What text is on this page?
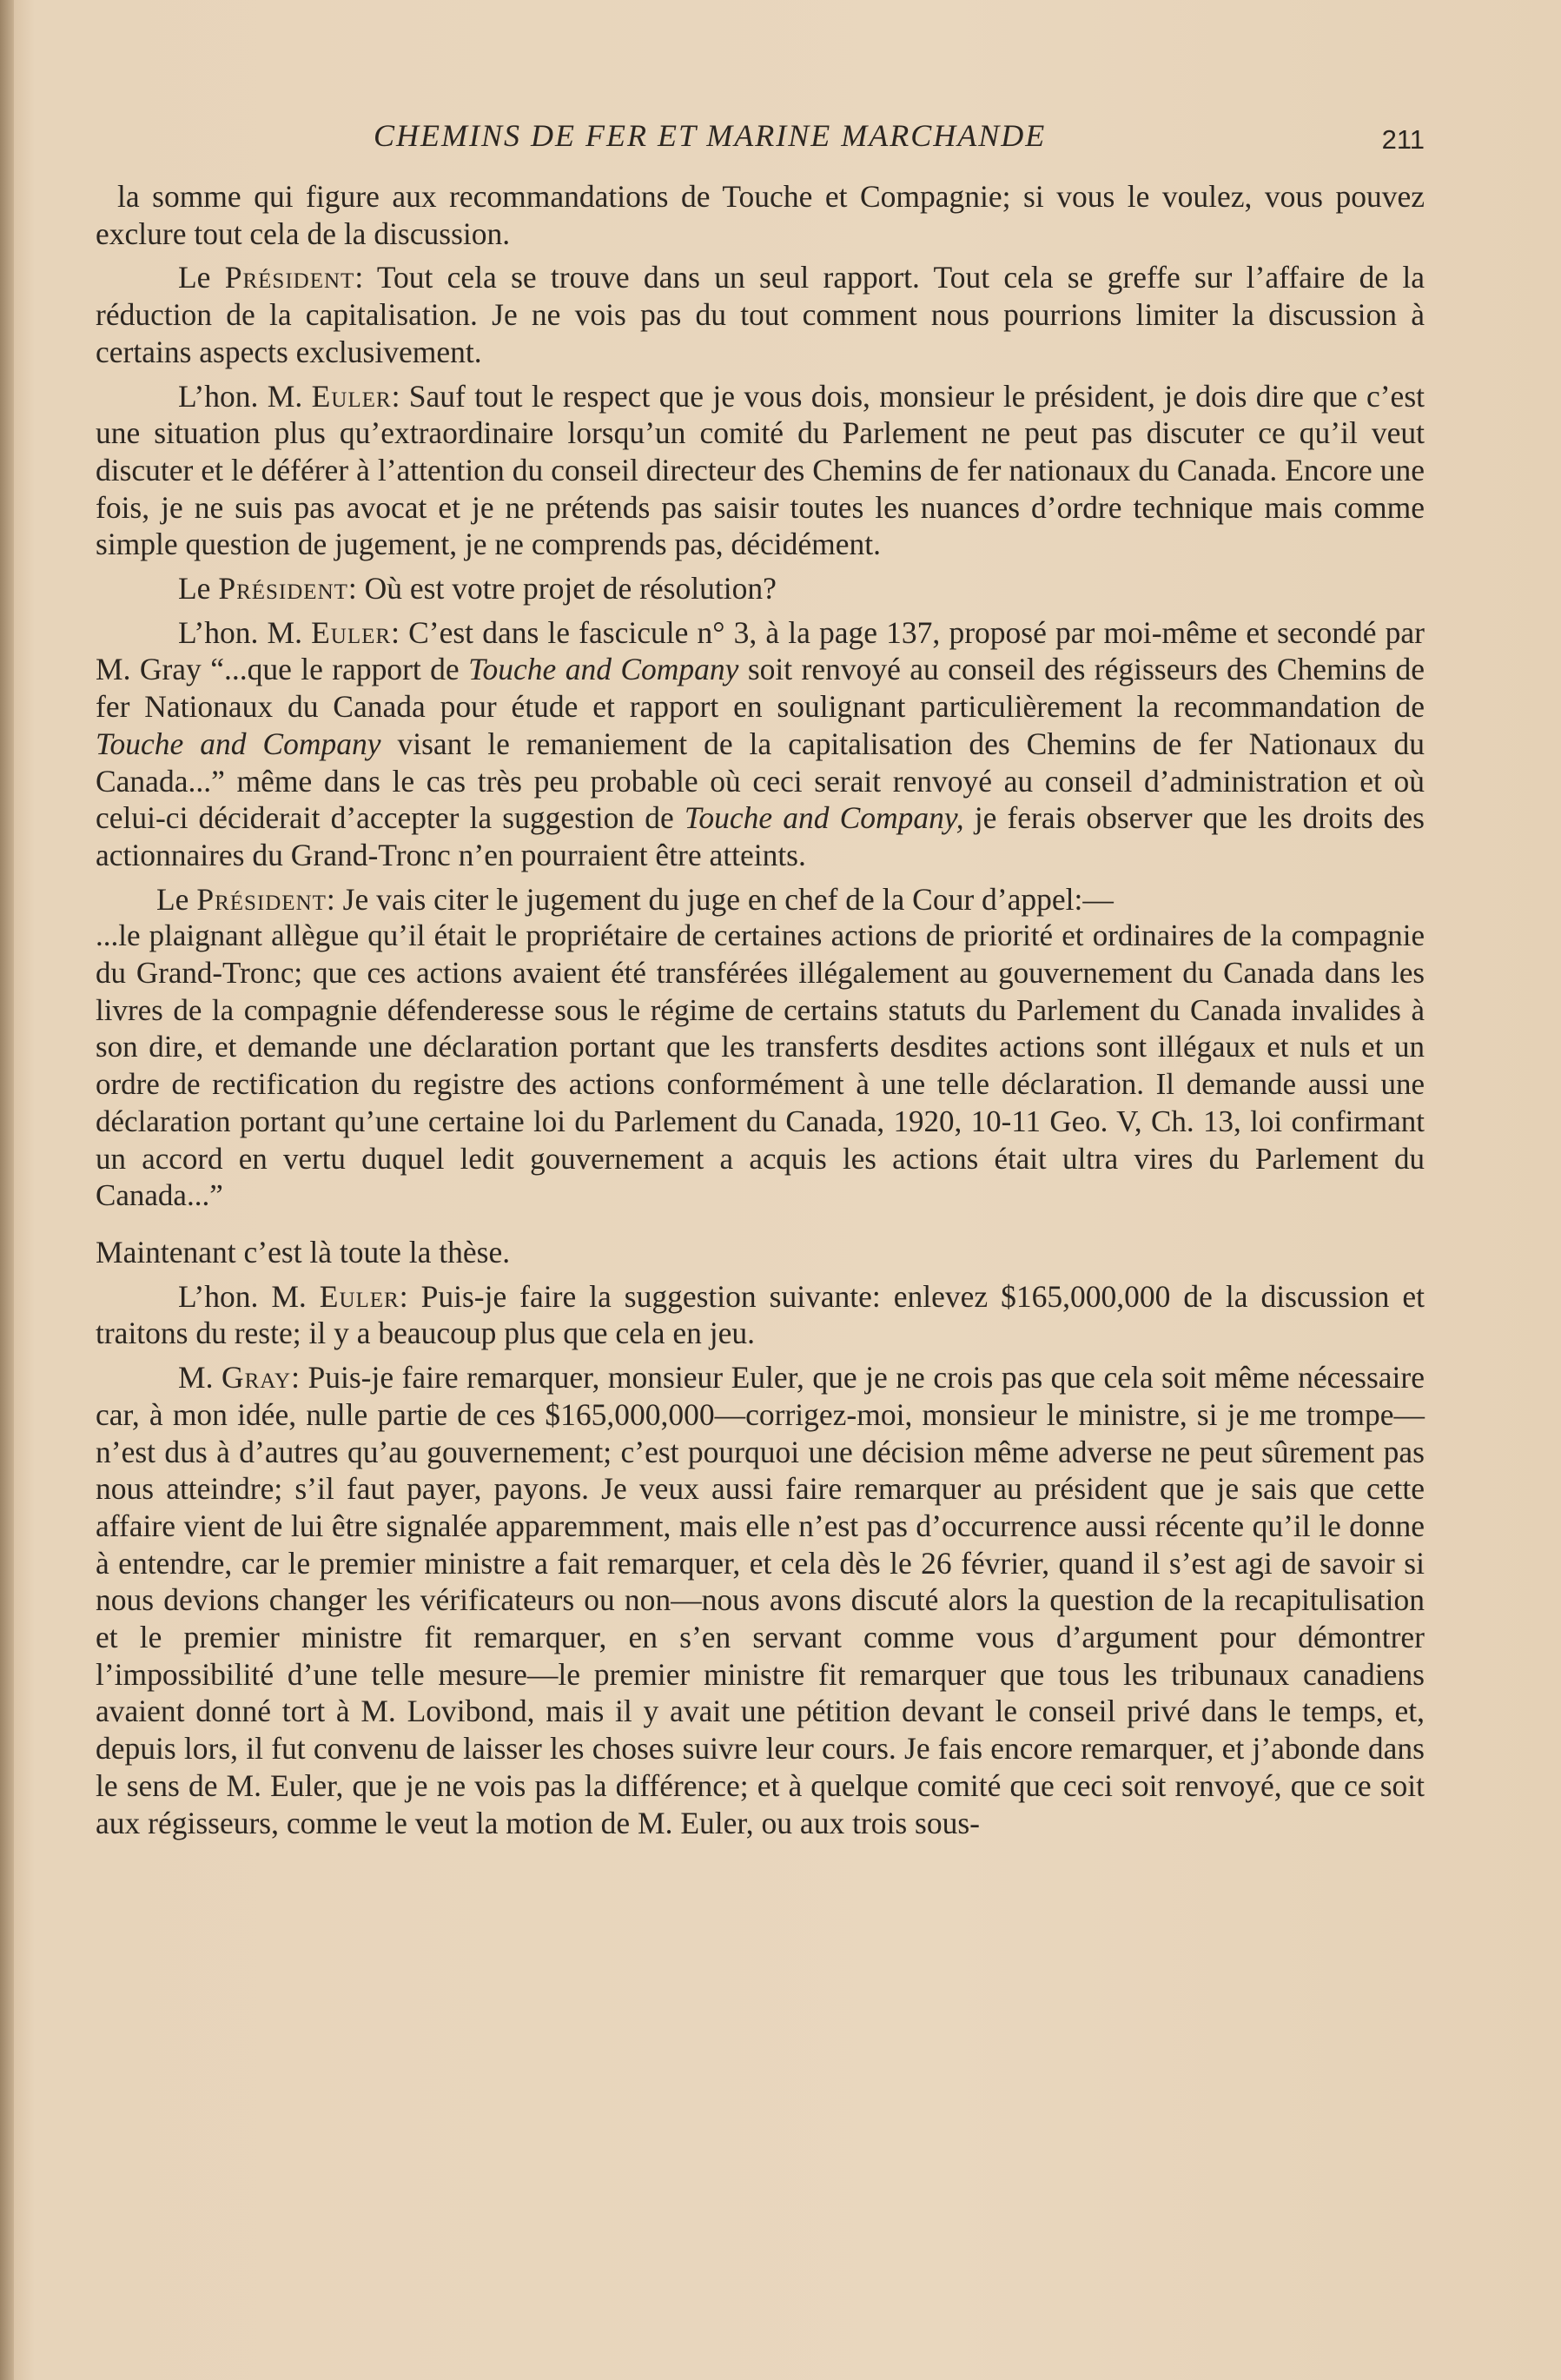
CHEMINS DE FER ET MARINE MARCHANDE	211

la somme qui figure aux recommandations de Touche et Compagnie; si vous le voulez, vous pouvez exclure tout cela de la discussion.

Le Président: Tout cela se trouve dans un seul rapport. Tout cela se greffe sur l’affaire de la réduction de la capitalisation. Je ne vois pas du tout comment nous pourrions limiter la discussion à certains aspects exclusivement.

L’hon. M. Euler: Sauf tout le respect que je vous dois, monsieur le président, je dois dire que c’est une situation plus qu’extraordinaire lorsqu’un comité du Parlement ne peut pas discuter ce qu’il veut discuter et le déférer à l’attention du conseil directeur des Chemins de fer nationaux du Canada. Encore une fois, je ne suis pas avocat et je ne prétends pas saisir toutes les nuances d’ordre technique mais comme simple question de jugement, je ne comprends pas, décidément.

Le Président: Où est votre projet de résolution?

L’hon. M. Euler: C’est dans le fascicule n° 3, à la page 137, proposé par moi-même et secondé par M. Gray “...que le rapport de Touche and Company soit renvoyé au conseil des régisseurs des Chemins de fer Nationaux du Canada pour étude et rapport en soulignant particulièrement la recommandation de Touche and Company visant le remaniement de la capitalisation des Chemins de fer Nationaux du Canada...” même dans le cas très peu probable où ceci serait renvoyé au conseil d’administration et où celui-ci déciderait d’accepter la suggestion de Touche and Company, je ferais observer que les droits des actionnaires du Grand-Tronc n’en pourraient être atteints.

Le Président: Je vais citer le jugement du juge en chef de la Cour d’appel:—

...le plaignant allègue qu’il était le propriétaire de certaines actions de priorité et ordinaires de la compagnie du Grand-Tronc; que ces actions avaient été transférées illégalement au gouvernement du Canada dans les livres de la compagnie défenderesse sous le régime de certains statuts du Parlement du Canada invalides à son dire, et demande une déclaration portant que les transferts desdites actions sont illégaux et nuls et un ordre de rectification du registre des actions conformément à une telle déclaration. Il demande aussi une déclaration portant qu’une certaine loi du Parlement du Canada, 1920, 10-11 Geo. V, Ch. 13, loi confirmant un accord en vertu duquel ledit gouvernement a acquis les actions était ultra vires du Parlement du Canada...”

Maintenant c’est là toute la thèse.

L’hon. M. Euler: Puis-je faire la suggestion suivante: enlevez $165,000,000 de la discussion et traitons du reste; il y a beaucoup plus que cela en jeu.

M. Gray: Puis-je faire remarquer, monsieur Euler, que je ne crois pas que cela soit même nécessaire car, à mon idée, nulle partie de ces $165,000,000—corrigez-moi, monsieur le ministre, si je me trompe—n’est dus à d’autres qu’au gouvernement; c’est pourquoi une décision même adverse ne peut sûrement pas nous atteindre; s’il faut payer, payons. Je veux aussi faire remarquer au président que je sais que cette affaire vient de lui être signalée apparemment, mais elle n’est pas d’occurrence aussi récente qu’il le donne à entendre, car le premier ministre a fait remarquer, et cela dès le 26 février, quand il s’est agi de savoir si nous devions changer les vérificateurs ou non—nous avons discuté alors la question de la recapitulisation et le premier ministre fit remarquer, en s’en servant comme vous d’argument pour démontrer l’impossibilité d’une telle mesure—le premier ministre fit remarquer que tous les tribunaux canadiens avaient donné tort à M. Lovibond, mais il y avait une pétition devant le conseil privé dans le temps, et, depuis lors, il fut convenu de laisser les choses suivre leur cours. Je fais encore remarquer, et j’abonde dans le sens de M. Euler, que je ne vois pas la différence; et à quelque comité que ceci soit renvoyé, que ce soit aux régisseurs, comme le veut la motion de M. Euler, ou aux trois sous-
